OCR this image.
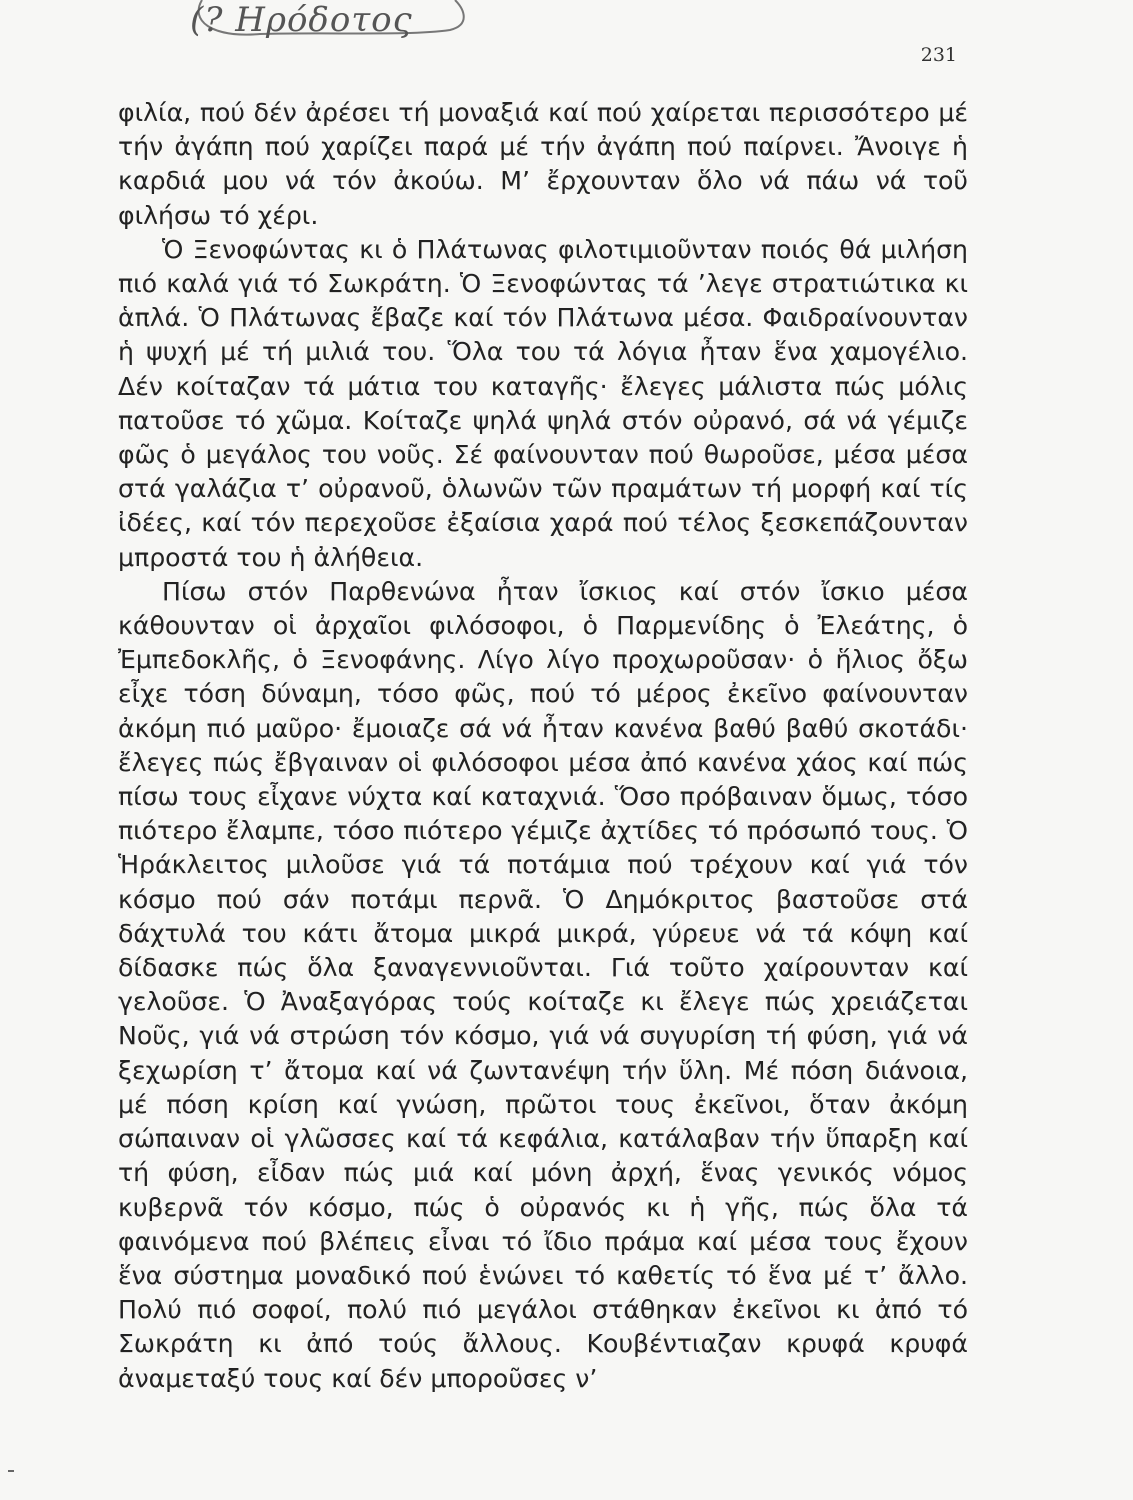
(? Ηρόδοτος
231

φιλία, πού δέν ἀρέσει τή μοναξιά καί πού χαίρεται περισσότερο μέ τήν ἀγάπη πού χαρίζει παρά μέ τήν ἀγάπη πού παίρνει. Ἄνοιγε ἡ καρδιά μου νά τόν ἀκούω. Μ’ ἔρχουνταν ὅλο νά πάω νά τοῦ φιλήσω τό χέρι.

Ὁ Ξενοφώντας κι ὁ Πλάτωνας φιλοτιμιοῦνταν ποιός θά μιλήση πιό καλά γιά τό Σωκράτη. Ὁ Ξενοφώντας τά ’λεγε στρατιώτικα κι ἁπλά. Ὁ Πλάτωνας ἔβαζε καί τόν Πλάτωνα μέσα. Φαιδραίνουνταν ἡ ψυχή μέ τή μιλιά του. Ὅλα του τά λόγια ἦταν ἕνα χαμογέλιο. Δέν κοίταζαν τά μάτια του καταγῆς· ἔλεγες μάλιστα πώς μόλις πατοῦσε τό χῶμα. Κοίταζε ψηλά ψηλά στόν οὐρανό, σά νά γέμιζε φῶς ὁ μεγάλος του νοῦς. Σέ φαίνουνταν πού θωροῦσε, μέσα μέσα στά γαλάζια τ’ οὐρανοῦ, ὁλωνῶν τῶν πραμάτων τή μορφή καί τίς ἰδέες, καί τόν περεχοῦσε ἐξαίσια χαρά πού τέλος ξεσκεπάζουνταν μπροστά του ἡ ἀλήθεια.

Πίσω στόν Παρθενώνα ἦταν ἴσκιος καί στόν ἴσκιο μέσα κάθουνταν οἱ ἀρχαῖοι φιλόσοφοι, ὁ Παρμενίδης ὁ Ἐλεάτης, ὁ Ἐμπεδοκλῆς, ὁ Ξενοφάνης. Λίγο λίγο προχωροῦσαν· ὁ ἥλιος ὄξω εἶχε τόση δύναμη, τόσο φῶς, πού τό μέρος ἐκεῖνο φαίνουνταν ἀκόμη πιό μαῦρο· ἔμοιαζε σά νά ἦταν κανένα βαθύ βαθύ σκοτάδι· ἔλεγες πώς ἔβγαιναν οἱ φιλόσοφοι μέσα ἀπό κανένα χάος καί πώς πίσω τους εἶχανε νύχτα καί καταχνιά. Ὅσο πρόβαιναν ὅμως, τόσο πιότερο ἔλαμπε, τόσο πιότερο γέμιζε ἀχτίδες τό πρόσωπό τους. Ὁ Ἡράκλειτος μιλοῦσε γιά τά ποτάμια πού τρέχουν καί γιά τόν κόσμο πού σάν ποτάμι περνᾶ. Ὁ Δημόκριτος βαστοῦσε στά δάχτυλά του κάτι ἄτομα μικρά μικρά, γύρευε νά τά κόψη καί δίδασκε πώς ὅλα ξαναγεννιοῦνται. Γιά τοῦτο χαίρουνταν καί γελοῦσε. Ὁ Ἀναξαγόρας τούς κοίταζε κι ἔλεγε πώς χρειάζεται Νοῦς, γιά νά στρώση τόν κόσμο, γιά νά συγυρίση τή φύση, γιά νά ξεχωρίση τ’ ἄτομα καί νά ζωντανέψη τήν ὕλη. Μέ πόση διάνοια, μέ πόση κρίση καί γνώση, πρῶτοι τους ἐκεῖνοι, ὅταν ἀκόμη σώπαιναν οἱ γλῶσσες καί τά κεφάλια, κατάλαβαν τήν ὕπαρξη καί τή φύση, εἶδαν πώς μιά καί μόνη ἀρχή, ἕνας γενικός νόμος κυβερνᾶ τόν κόσμο, πώς ὁ οὐρανός κι ἡ γῆς, πώς ὅλα τά φαινόμενα πού βλέπεις εἶναι τό ἴδιο πράμα καί μέσα τους ἔχουν ἕνα σύστημα μοναδικό πού ἑνώνει τό καθετίς τό ἕνα μέ τ’ ἄλλο. Πολύ πιό σοφοί, πολύ πιό μεγάλοι στάθηκαν ἐκεῖνοι κι ἀπό τό Σωκράτη κι ἀπό τούς ἄλλους. Κουβέντιαζαν κρυφά κρυφά ἀναμεταξύ τους καί δέν μποροῦσες ν’
